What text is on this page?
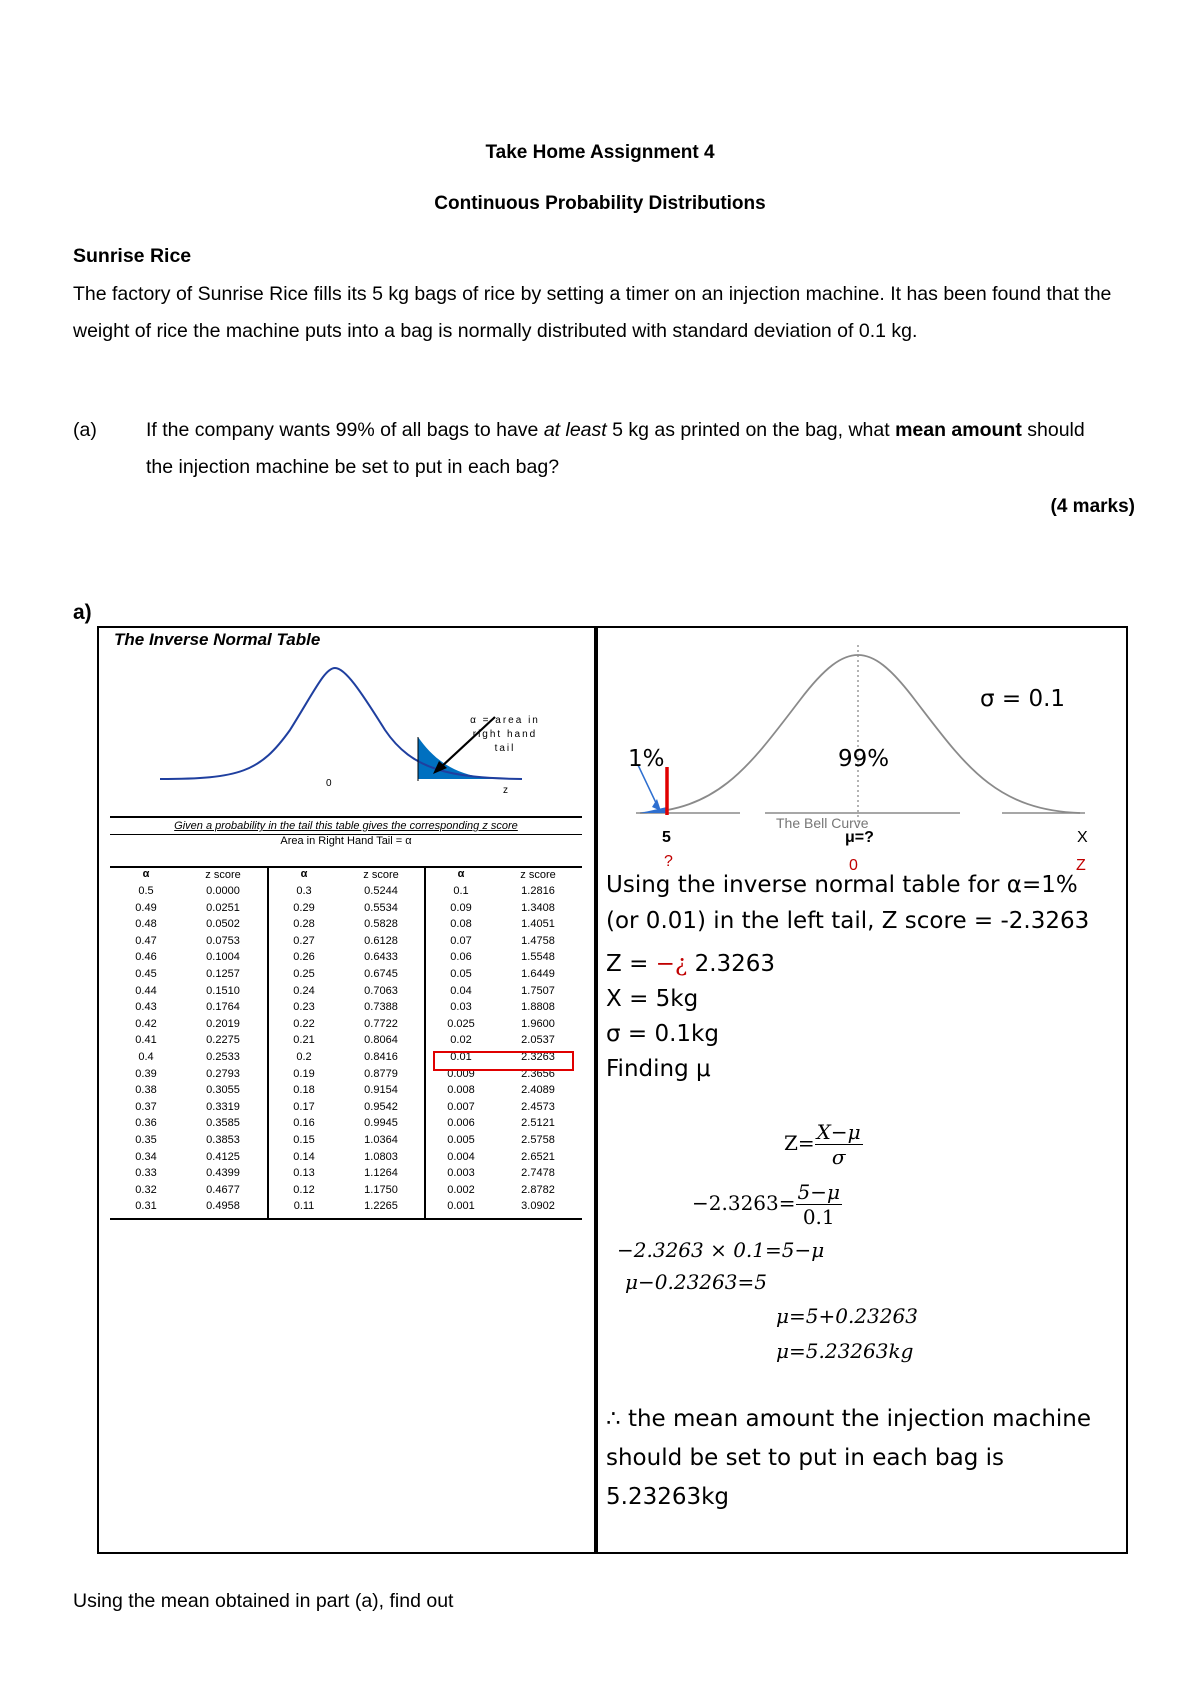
Take Home Assignment 4
Continuous Probability Distributions
Sunrise Rice
The factory of Sunrise Rice fills its 5 kg bags of rice by setting a timer on an injection machine. It has been found that the weight of rice the machine puts into a bag is normally distributed with standard deviation of 0.1 kg.
(a)	If the company wants 99% of all bags to have at least 5 kg as printed on the bag, what mean amount should the injection machine be set to put in each bag?
(4 marks)
a)
The Inverse Normal Table
α = area in right hand tail
0
z
Given a probability in the tail this table gives the corresponding z score
Area in Right Hand Tail = α
α	z score
0.5	0.0000
0.49	0.0251
0.48	0.0502
0.47	0.0753
0.46	0.1004
0.45	0.1257
0.44	0.1510
0.43	0.1764
0.42	0.2019
0.41	0.2275
0.4	0.2533
0.39	0.2793
0.38	0.3055
0.37	0.3319
0.36	0.3585
0.35	0.3853
0.34	0.4125
0.33	0.4399
0.32	0.4677
0.31	0.4958
α	z score
0.3	0.5244
0.29	0.5534
0.28	0.5828
0.27	0.6128
0.26	0.6433
0.25	0.6745
0.24	0.7063
0.23	0.7388
0.22	0.7722
0.21	0.8064
0.2	0.8416
0.19	0.8779
0.18	0.9154
0.17	0.9542
0.16	0.9945
0.15	1.0364
0.14	1.0803
0.13	1.1264
0.12	1.1750
0.11	1.2265
α	z score
0.1	1.2816
0.09	1.3408
0.08	1.4051
0.07	1.4758
0.06	1.5548
0.05	1.6449
0.04	1.7507
0.03	1.8808
0.025	1.9600
0.02	2.0537
0.01	2.3263
0.009	2.3656
0.008	2.4089
0.007	2.4573
0.006	2.5121
0.005	2.5758
0.004	2.6521
0.003	2.7478
0.002	2.8782
0.001	3.0902
σ = 0.1
1%	99%
The Bell Curve
5	μ=?	X
?	0	Z
Using the inverse normal table for α=1% (or 0.01) in the left tail, Z score = -2.3263
Z = −¿ 2.3263
X = 5kg
σ = 0.1kg
Finding μ
$Z= \frac{X-\mu}{\sigma}$
$-2.3263= \frac{5-\mu}{0.1}$
−2.3263 × 0.1=5−μ
μ−0.23263=5
μ=5+0.23263
μ=5.23263kg
∴ the mean amount the injection machine should be set to put in each bag is 5.23263kg
Using the mean obtained in part (a), find out
